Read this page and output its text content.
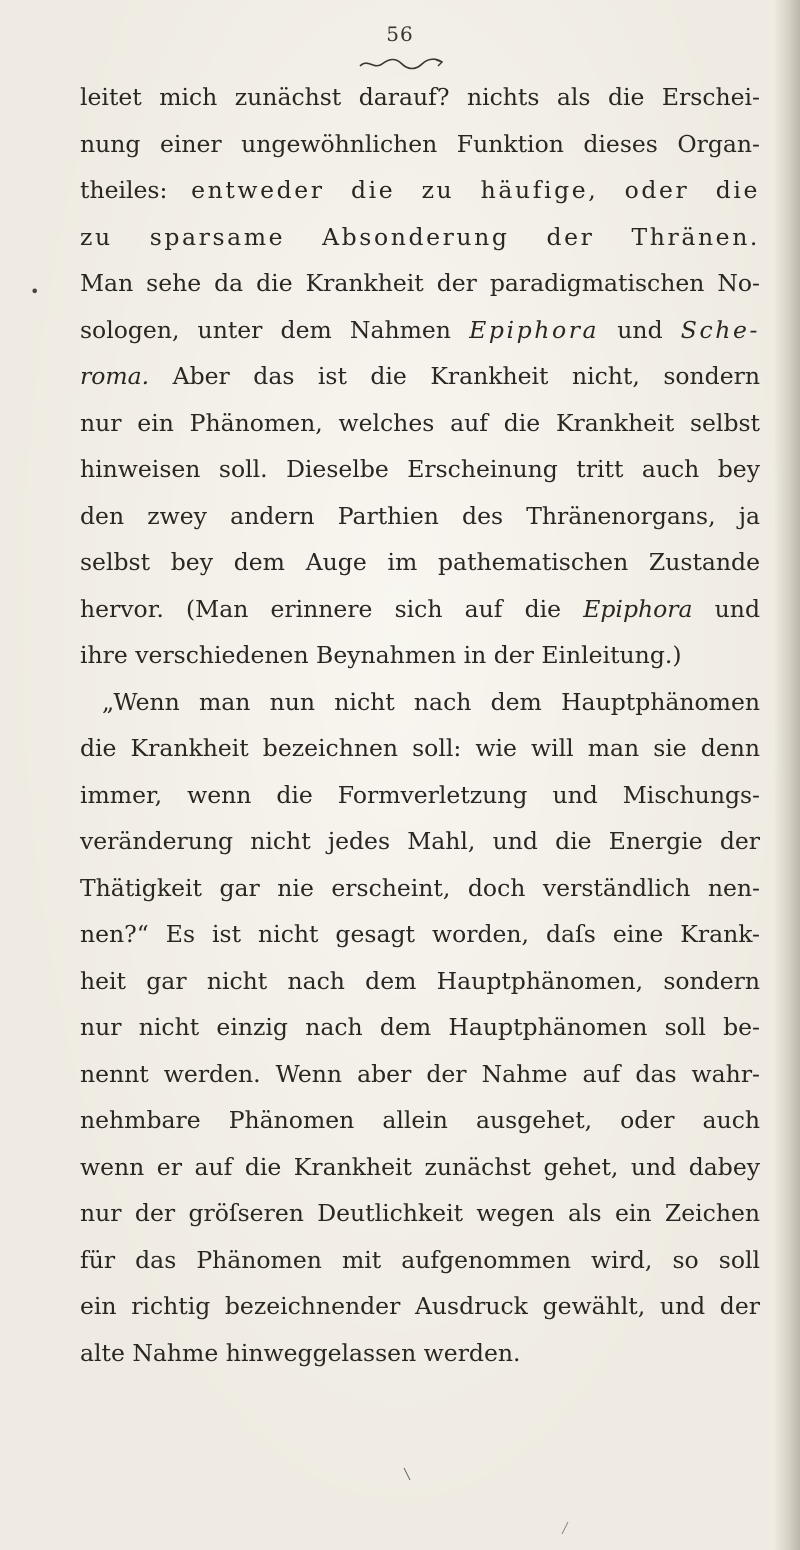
56
•
leitet mich zunächst darauf? nichts als die Erschei-
nung einer ungewöhnlichen Funktion dieses Organ-
theiles: entweder die zu häufige, oder die
zu sparsame Absonderung der Thränen.
Man sehe da die Krankheit der paradigmatischen No-
sologen, unter dem Nahmen Epiphora und Sche-
roma. Aber das ist die Krankheit nicht, sondern
nur ein Phänomen, welches auf die Krankheit selbst
hinweisen soll. Dieselbe Erscheinung tritt auch bey
den zwey andern Parthien des Thränenorgans, ja
selbst bey dem Auge im pathematischen Zustande
hervor. (Man erinnere sich auf die Epiphora und
ihre verschiedenen Beynahmen in der Einleitung.)
„Wenn man nun nicht nach dem Hauptphänomen
die Krankheit bezeichnen soll: wie will man sie denn
immer, wenn die Formverletzung und Mischungs-
veränderung nicht jedes Mahl, und die Energie der
Thätigkeit gar nie erscheint, doch verständlich nen-
nen?“ Es ist nicht gesagt worden, daſs eine Krank-
heit gar nicht nach dem Hauptphänomen, sondern
nur nicht einzig nach dem Hauptphänomen soll be-
nennt werden. Wenn aber der Nahme auf das wahr-
nehmbare Phänomen allein ausgehet, oder auch
wenn er auf die Krankheit zunächst gehet, und dabey
nur der gröſseren Deutlichkeit wegen als ein Zeichen
für das Phänomen mit aufgenommen wird, so soll
ein richtig bezeichnender Ausdruck gewählt, und der
alte Nahme hinweggelassen werden.
